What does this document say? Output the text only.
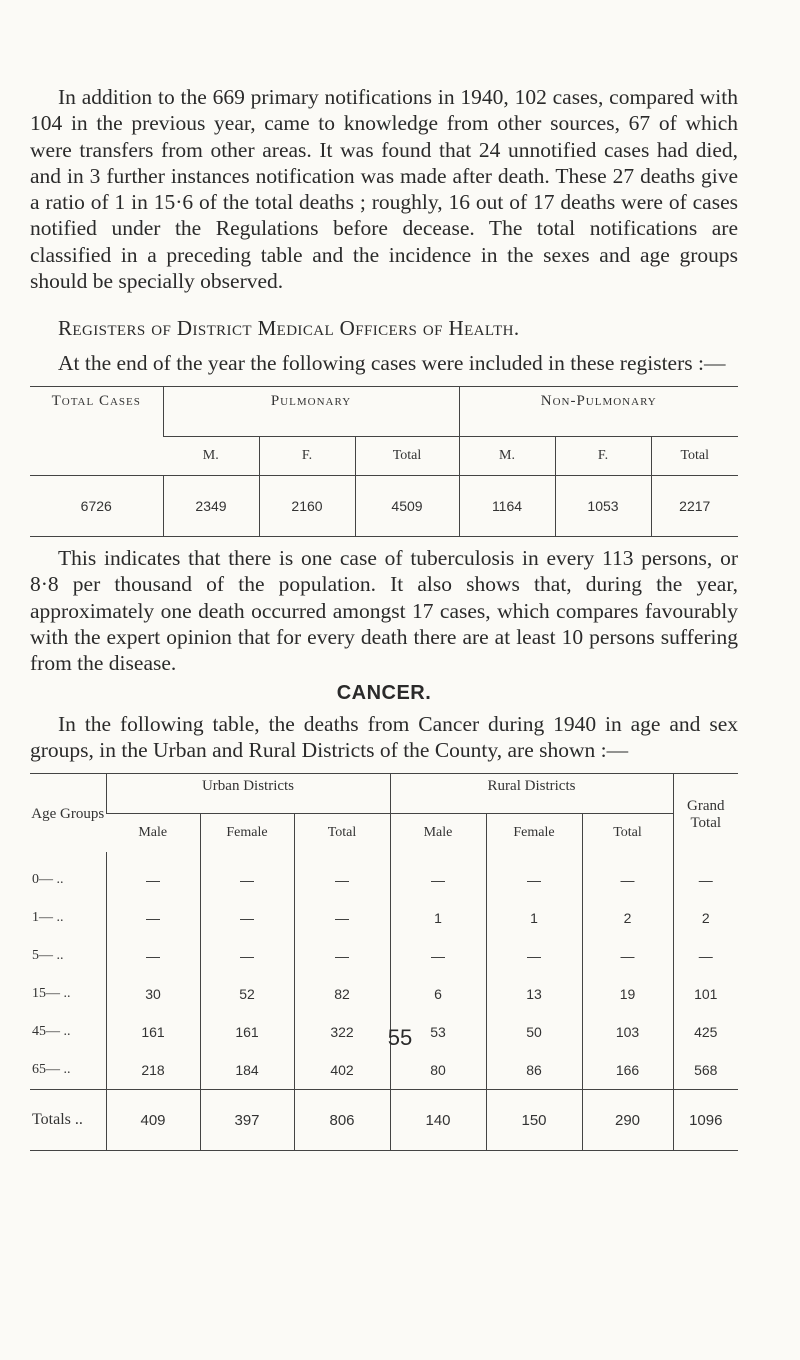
In addition to the 669 primary notifications in 1940, 102 cases, compared with 104 in the previous year, came to knowledge from other sources, 67 of which were transfers from other areas. It was found that 24 unnotified cases had died, and in 3 further instances notification was made after death. These 27 deaths give a ratio of 1 in 15·6 of the total deaths ; roughly, 16 out of 17 deaths were of cases notified under the Regulations before decease. The total notifications are classified in a preceding table and the incidence in the sexes and age groups should be specially observed.

Registers of District Medical Officers of Health.

At the end of the year the following cases were included in these registers :—

Total Cases	Pulmonary			Non-Pulmonary		
	M.	F.	Total	M.	F.	Total
6726	2349	2160	4509	1164	1053	2217

This indicates that there is one case of tuberculosis in every 113 persons, or 8·8 per thousand of the population. It also shows that, during the year, approximately one death occurred amongst 17 cases, which compares favourably with the expert opinion that for every death there are at least 10 persons suffering from the disease.

CANCER.

In the following table, the deaths from Cancer during 1940 in age and sex groups, in the Urban and Rural Districts of the County, are shown :—

Age Groups	Urban Districts			Rural Districts			Grand Total
	Male	Female	Total	Male	Female	Total	
0— ..	—	—	—	—	—	—	—
1— ..	—	—	—	1	1	2	2
5— ..	—	—	—	—	—	—	—
15— ..	30	52	82	6	13	19	101
45— ..	161	161	322	53	50	103	425
65— ..	218	184	402	80	86	166	568
Totals ..	409	397	806	140	150	290	1096
55
